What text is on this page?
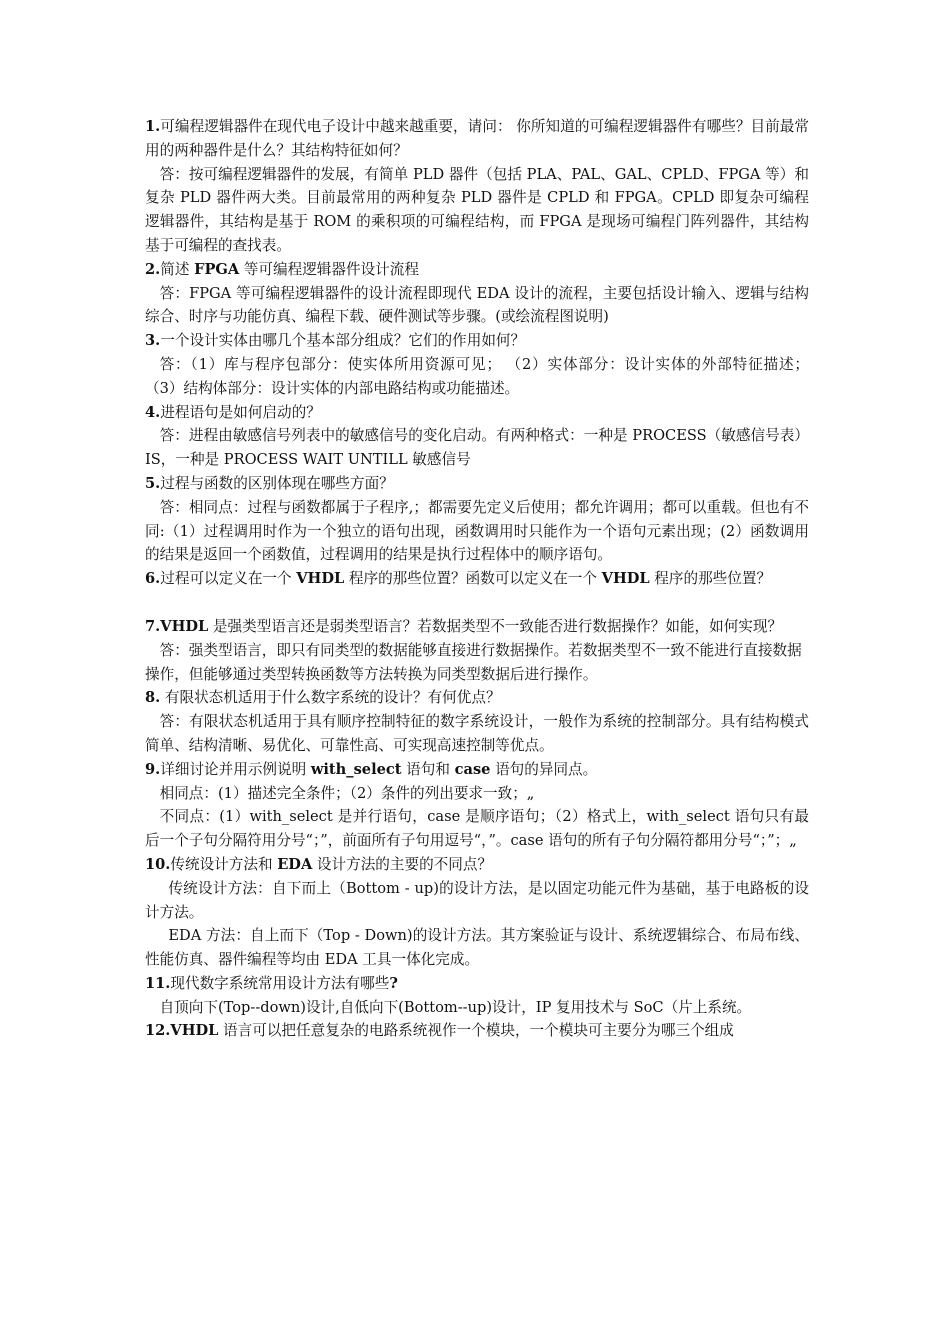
1.可编程逻辑器件在现代电子设计中越来越重要，请问： 你所知道的可编程逻辑器件有哪些？目前最常用的两种器件是什么？其结构特征如何？
答：按可编程逻辑器件的发展，有简单 PLD 器件（包括 PLA、PAL、GAL、CPLD、FPGA 等）和复杂 PLD 器件两大类。目前最常用的两种复杂 PLD 器件是 CPLD 和 FPGA。CPLD 即复杂可编程逻辑器件，其结构是基于 ROM 的乘积项的可编程结构，而 FPGA 是现场可编程门阵列器件，其结构基于可编程的查找表。
2.简述 FPGA 等可编程逻辑器件设计流程
答：FPGA 等可编程逻辑器件的设计流程即现代 EDA 设计的流程，主要包括设计输入、逻辑与结构综合、时序与功能仿真、编程下载、硬件测试等步骤。(或绘流程图说明)
3.一个设计实体由哪几个基本部分组成？它们的作用如何？
答：（1）库与程序包部分：使实体所用资源可见； （2）实体部分：设计实体的外部特征描述； （3）结构体部分：设计实体的内部电路结构或功能描述。
4.进程语句是如何启动的？
答：进程由敏感信号列表中的敏感信号的变化启动。有两种格式：一种是 PROCESS（敏感信号表）IS，一种是 PROCESS WAIT UNTILL 敏感信号
5.过程与函数的区别体现在哪些方面？
答：相同点：过程与函数都属于子程序,；都需要先定义后使用；都允许调用；都可以重载。但也有不同:（1）过程调用时作为一个独立的语句出现，函数调用时只能作为一个语句元素出现；(2）函数调用的结果是返回一个函数值，过程调用的结果是执行过程体中的顺序语句。
6.过程可以定义在一个 VHDL 程序的那些位置？函数可以定义在一个 VHDL 程序的那些位置？
7.VHDL 是强类型语言还是弱类型语言？若数据类型不一致能否进行数据操作？如能，如何实现？
答：强类型语言，即只有同类型的数据能够直接进行数据操作。若数据类型不一致不能进行直接数据
操作，但能够通过类型转换函数等方法转换为同类型数据后进行操作。
8. 有限状态机适用于什么数字系统的设计？有何优点？
答：有限状态机适用于具有顺序控制特征的数字系统设计，一般作为系统的控制部分。具有结构模式简单、结构清晰、易优化、可靠性高、可实现高速控制等优点。
9.详细讨论并用示例说明 with_select 语句和 case 语句的异同点。
相同点：(1）描述完全条件；（2）条件的列出要求一致；„
不同点：(1）with_select 是并行语句，case 是顺序语句；（2）格式上，with_select 语句只有最后一个子句分隔符用分号“；”，前面所有子句用逗号“，”。case 语句的所有子句分隔符都用分号“；”；„
10.传统设计方法和 EDA 设计方法的主要的不同点？
传统设计方法：自下而上（Bottom - up)的设计方法，是以固定功能元件为基础，基于电路板的设计方法。
EDA 方法：自上而下（Top - Down)的设计方法。其方案验证与设计、系统逻辑综合、布局布线、性能仿真、器件编程等均由 EDA 工具一体化完成。
11.现代数字系统常用设计方法有哪些?
自顶向下(Top--down)设计,自低向下(Bottom--up)设计，IP 复用技术与 SoC（片上系统。
12.VHDL 语言可以把任意复杂的电路系统视作一个模块，一个模块可主要分为哪三个组成
